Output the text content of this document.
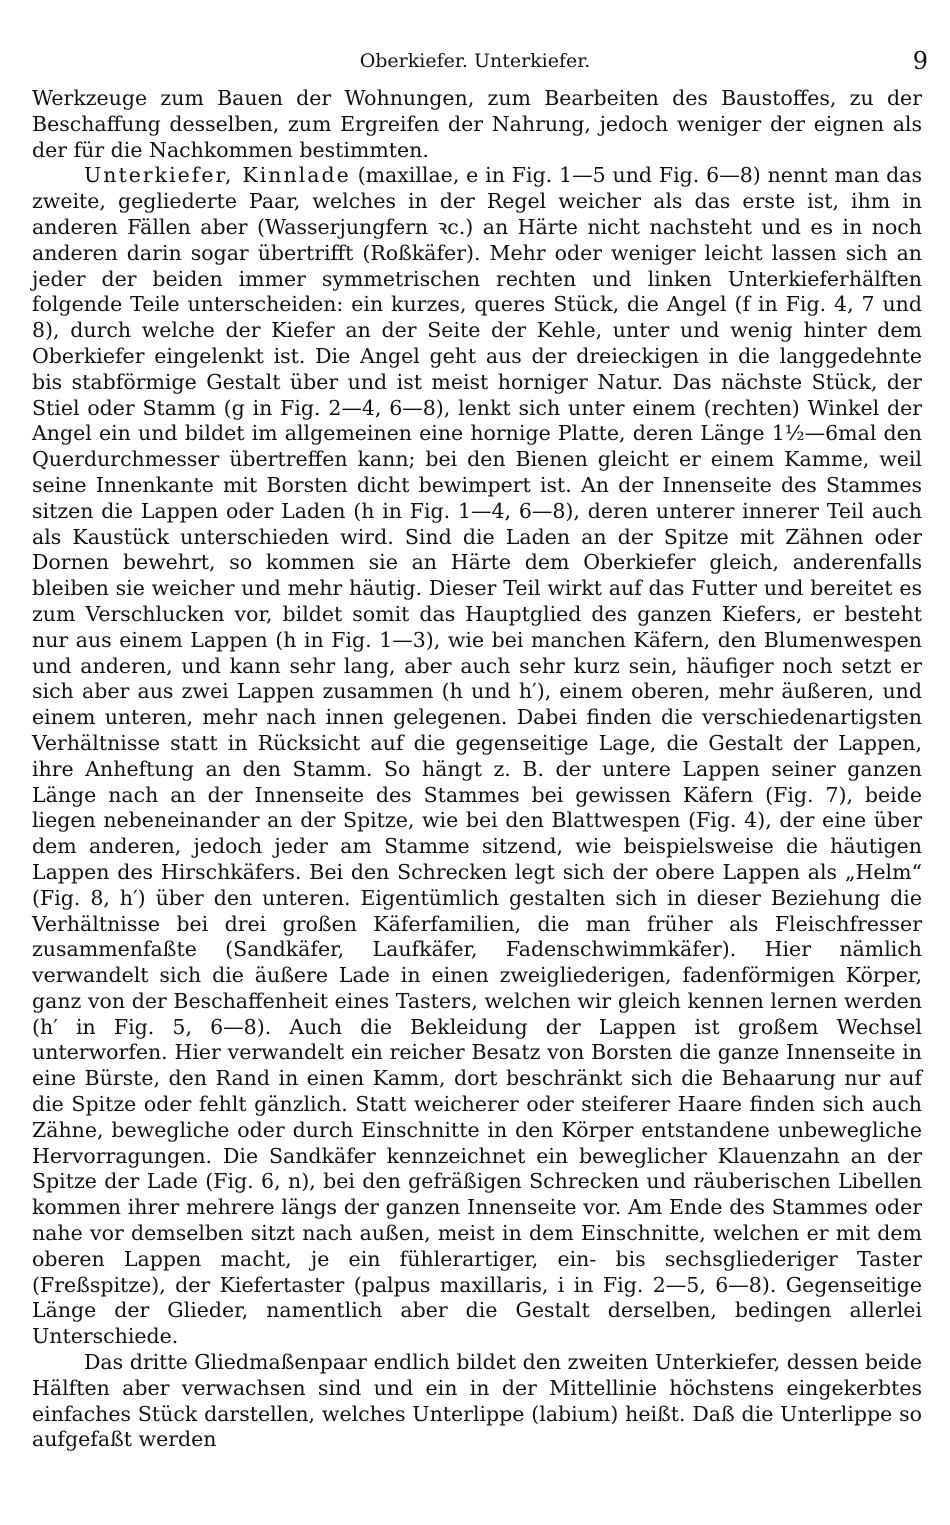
Oberkiefer. Unterkiefer.	9

Werkzeuge zum Bauen der Wohnungen, zum Bearbeiten des Baustoffes, zu der Beschaffung desselben, zum Ergreifen der Nahrung, jedoch weniger der eignen als der für die Nachkommen bestimmten.

Unterkiefer, Kinnlade (maxillae, e in Fig. 1—5 und Fig. 6—8) nennt man das zweite, gegliederte Paar, welches in der Regel weicher als das erste ist, ihm in anderen Fällen aber (Wasserjungfern ꝛc.) an Härte nicht nachsteht und es in noch anderen darin sogar übertrifft (Roßkäfer). Mehr oder weniger leicht lassen sich an jeder der beiden immer symmetrischen rechten und linken Unterkieferhälften folgende Teile unterscheiden: ein kurzes, queres Stück, die Angel (f in Fig. 4, 7 und 8), durch welche der Kiefer an der Seite der Kehle, unter und wenig hinter dem Oberkiefer eingelenkt ist. Die Angel geht aus der dreieckigen in die langgedehnte bis stabförmige Gestalt über und ist meist horniger Natur. Das nächste Stück, der Stiel oder Stamm (g in Fig. 2—4, 6—8), lenkt sich unter einem (rechten) Winkel der Angel ein und bildet im allgemeinen eine hornige Platte, deren Länge 1½—6mal den Querdurchmesser übertreffen kann; bei den Bienen gleicht er einem Kamme, weil seine Innenkante mit Borsten dicht bewimpert ist. An der Innenseite des Stammes sitzen die Lappen oder Laden (h in Fig. 1—4, 6—8), deren unterer innerer Teil auch als Kaustück unterschieden wird. Sind die Laden an der Spitze mit Zähnen oder Dornen bewehrt, so kommen sie an Härte dem Oberkiefer gleich, anderenfalls bleiben sie weicher und mehr häutig. Dieser Teil wirkt auf das Futter und bereitet es zum Verschlucken vor, bildet somit das Hauptglied des ganzen Kiefers, er besteht nur aus einem Lappen (h in Fig. 1—3), wie bei manchen Käfern, den Blumenwespen und anderen, und kann sehr lang, aber auch sehr kurz sein, häufiger noch setzt er sich aber aus zwei Lappen zusammen (h und h′), einem oberen, mehr äußeren, und einem unteren, mehr nach innen gelegenen. Dabei finden die verschiedenartigsten Verhältnisse statt in Rücksicht auf die gegenseitige Lage, die Gestalt der Lappen, ihre Anheftung an den Stamm. So hängt z. B. der untere Lappen seiner ganzen Länge nach an der Innenseite des Stammes bei gewissen Käfern (Fig. 7), beide liegen nebeneinander an der Spitze, wie bei den Blattwespen (Fig. 4), der eine über dem anderen, jedoch jeder am Stamme sitzend, wie beispielsweise die häutigen Lappen des Hirschkäfers. Bei den Schrecken legt sich der obere Lappen als „Helm“ (Fig. 8, h′) über den unteren. Eigentümlich gestalten sich in dieser Beziehung die Verhältnisse bei drei großen Käferfamilien, die man früher als Fleischfresser zusammenfaßte (Sandkäfer, Laufkäfer, Fadenschwimmkäfer). Hier nämlich verwandelt sich die äußere Lade in einen zweigliederigen, fadenförmigen Körper, ganz von der Beschaffenheit eines Tasters, welchen wir gleich kennen lernen werden (h′ in Fig. 5, 6—8). Auch die Bekleidung der Lappen ist großem Wechsel unterworfen. Hier verwandelt ein reicher Besatz von Borsten die ganze Innenseite in eine Bürste, den Rand in einen Kamm, dort beschränkt sich die Behaarung nur auf die Spitze oder fehlt gänzlich. Statt weicherer oder steiferer Haare finden sich auch Zähne, bewegliche oder durch Einschnitte in den Körper entstandene unbewegliche Hervorragungen. Die Sandkäfer kennzeichnet ein beweglicher Klauenzahn an der Spitze der Lade (Fig. 6, n), bei den gefräßigen Schrecken und räuberischen Libellen kommen ihrer mehrere längs der ganzen Innenseite vor. Am Ende des Stammes oder nahe vor demselben sitzt nach außen, meist in dem Einschnitte, welchen er mit dem oberen Lappen macht, je ein fühlerartiger, ein- bis sechsgliederiger Taster (Freßspitze), der Kiefertaster (palpus maxillaris, i in Fig. 2—5, 6—8). Gegenseitige Länge der Glieder, namentlich aber die Gestalt derselben, bedingen allerlei Unterschiede.

Das dritte Gliedmaßenpaar endlich bildet den zweiten Unterkiefer, dessen beide Hälften aber verwachsen sind und ein in der Mittellinie höchstens eingekerbtes einfaches Stück darstellen, welches Unterlippe (labium) heißt. Daß die Unterlippe so aufgefaßt werden
